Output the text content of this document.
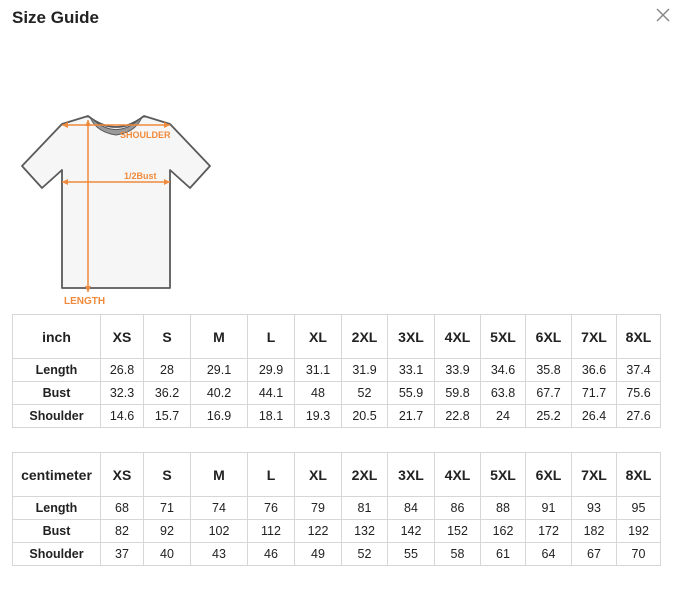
Size Guide
SHOULDER
1/2Bust
LENGTH
inch	XS	S	M	L	XL	2XL	3XL	4XL	5XL	6XL	7XL	8XL
Length	26.8	28	29.1	29.9	31.1	31.9	33.1	33.9	34.6	35.8	36.6	37.4
Bust	32.3	36.2	40.2	44.1	48	52	55.9	59.8	63.8	67.7	71.7	75.6
Shoulder	14.6	15.7	16.9	18.1	19.3	20.5	21.7	22.8	24	25.2	26.4	27.6
centimeter	XS	S	M	L	XL	2XL	3XL	4XL	5XL	6XL	7XL	8XL
Length	68	71	74	76	79	81	84	86	88	91	93	95
Bust	82	92	102	112	122	132	142	152	162	172	182	192
Shoulder	37	40	43	46	49	52	55	58	61	64	67	70
